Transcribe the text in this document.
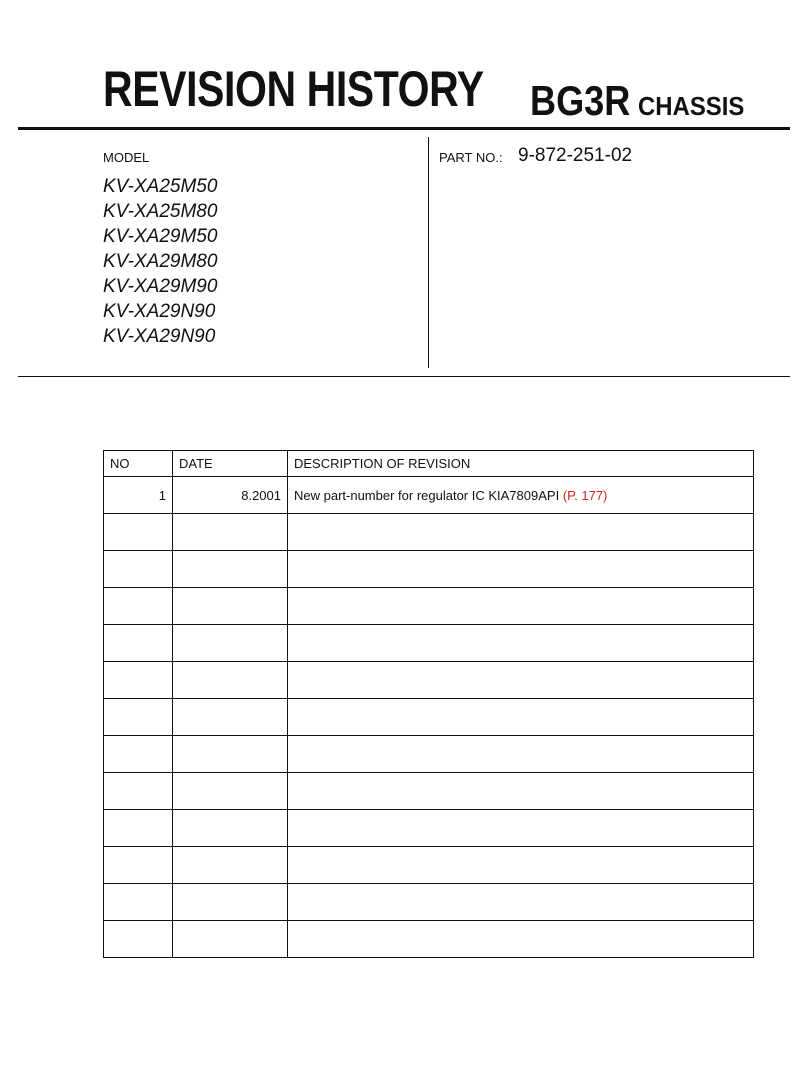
REVISION HISTORY BG3R CHASSIS
MODEL
KV-XA25M50
KV-XA25M80
KV-XA29M50
KV-XA29M80
KV-XA29M90
KV-XA29N90
KV-XA29N90
PART NO.: 9-872-251-02
NO	DATE	DESCRIPTION OF REVISION
1	8.2001	New part-number for regulator IC KIA7809API (P. 177)
